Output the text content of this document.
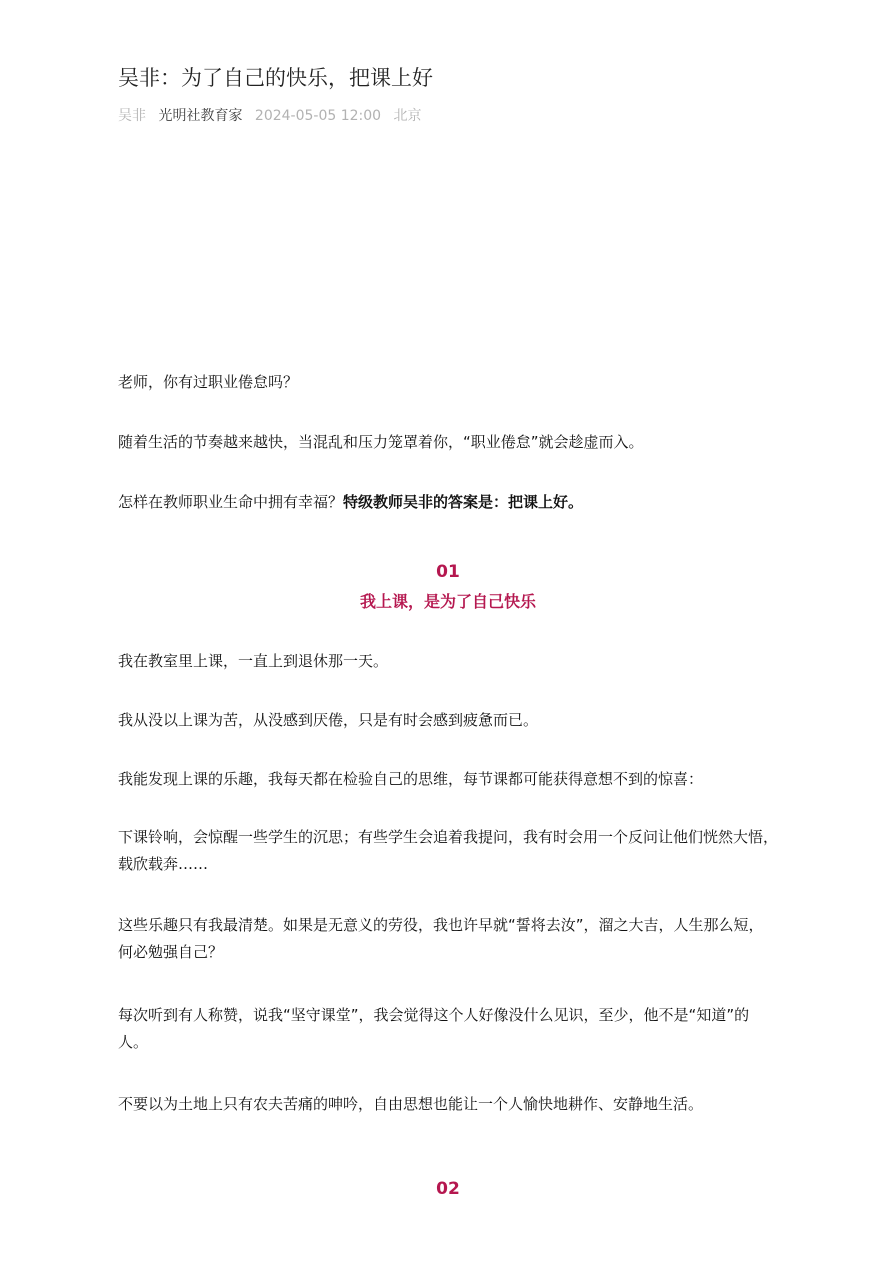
吴非：为了自己的快乐，把课上好
吴非 光明社教育家 2024-05-05 12:00 北京

老师，你有过职业倦怠吗？

随着生活的节奏越来越快，当混乱和压力笼罩着你，“职业倦怠”就会趁虚而入。

怎样在教师职业生命中拥有幸福？特级教师吴非的答案是：把课上好。

01
我上课，是为了自己快乐

我在教室里上课，一直上到退休那一天。

我从没以上课为苦，从没感到厌倦，只是有时会感到疲惫而已。

我能发现上课的乐趣，我每天都在检验自己的思维，每节课都可能获得意想不到的惊喜：

下课铃响，会惊醒一些学生的沉思；有些学生会追着我提问，我有时会用一个反问让他们恍然大悟，载欣载奔……

这些乐趣只有我最清楚。如果是无意义的劳役，我也许早就“誓将去汝”，溜之大吉，人生那么短，何必勉强自己？

每次听到有人称赞，说我“坚守课堂”，我会觉得这个人好像没什么见识，至少，他不是“知道”的人。

不要以为土地上只有农夫苦痛的呻吟，自由思想也能让一个人愉快地耕作、安静地生活。

02
